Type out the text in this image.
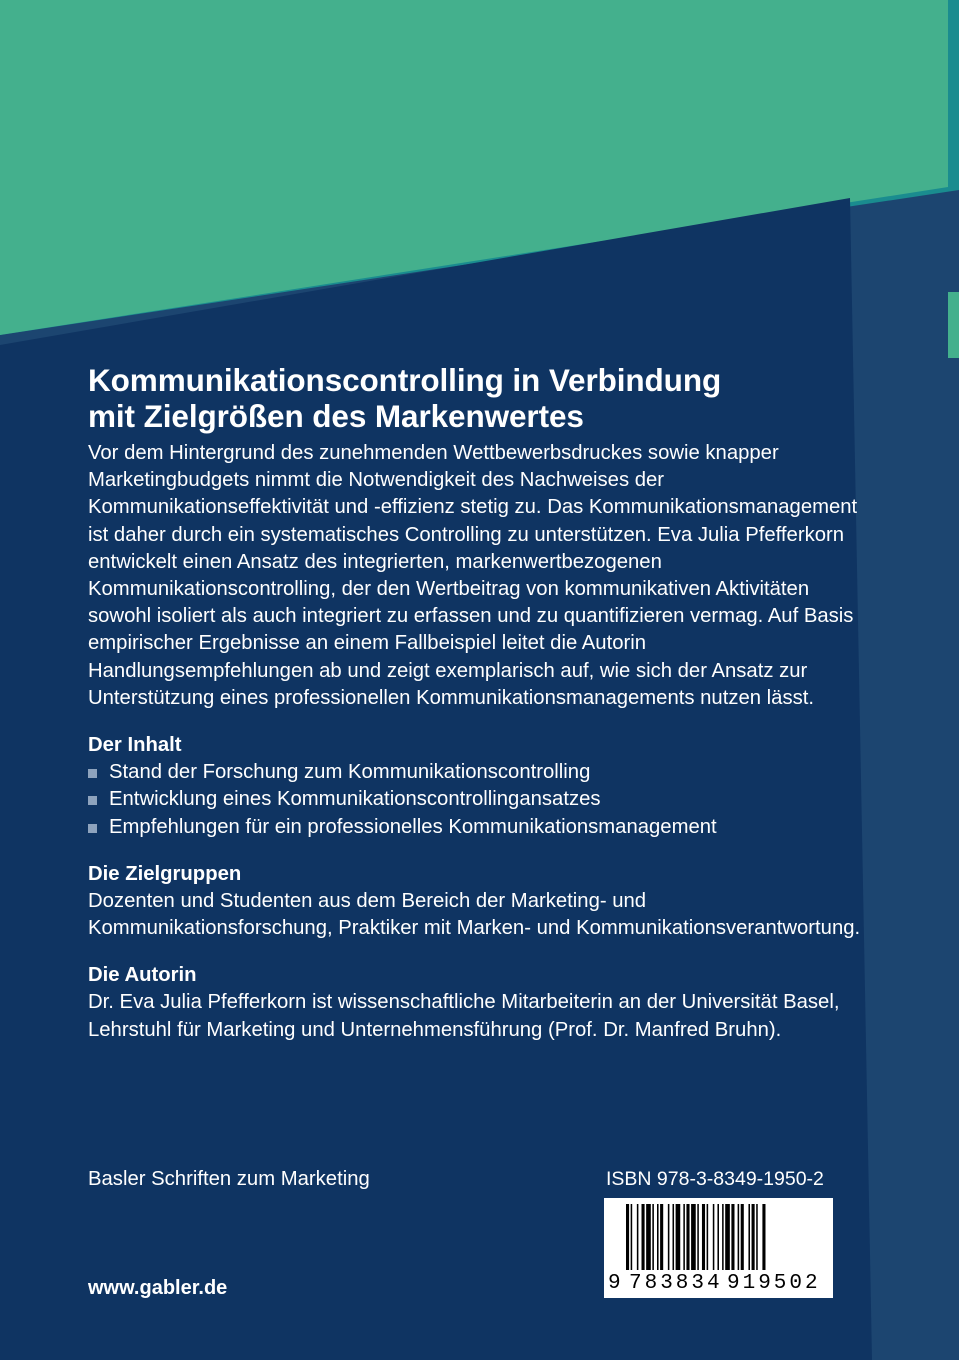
Kommunikationscontrolling in Verbindung
mit Zielgrößen des Markenwertes

Vor dem Hintergrund des zunehmenden Wettbewerbsdruckes sowie knapper Marketingbudgets nimmt die Notwendigkeit des Nachweises der Kommunikationseffektivität und -effizienz stetig zu. Das Kommunikationsmanagement ist daher durch ein systematisches Controlling zu unterstützen. Eva Julia Pfefferkorn entwickelt einen Ansatz des integrierten, markenwertbezogenen Kommunikationscontrolling, der den Wertbeitrag von kommunikativen Aktivitäten sowohl isoliert als auch integriert zu erfassen und zu quantifizieren vermag. Auf Basis empirischer Ergebnisse an einem Fallbeispiel leitet die Autorin Handlungsempfehlungen ab und zeigt exemplarisch auf, wie sich der Ansatz zur Unterstützung eines professionellen Kommunikationsmanagements nutzen lässt.

Der Inhalt
Stand der Forschung zum Kommunikationscontrolling
Entwicklung eines Kommunikationscontrollingansatzes
Empfehlungen für ein professionelles Kommunikationsmanagement
Die Zielgruppen

Dozenten und Studenten aus dem Bereich der Marketing- und Kommunikationsforschung, Praktiker mit Marken- und Kommunikationsverantwortung.

Die Autorin

Dr. Eva Julia Pfefferkorn ist wissenschaftliche Mitarbeiterin an der Universität Basel, Lehrstuhl für Marketing und Unternehmensführung (Prof. Dr. Manfred Bruhn).

Basler Schriften zum Marketing
www.gabler.de
ISBN 978-3-8349-1950-2
9 783834 919502
